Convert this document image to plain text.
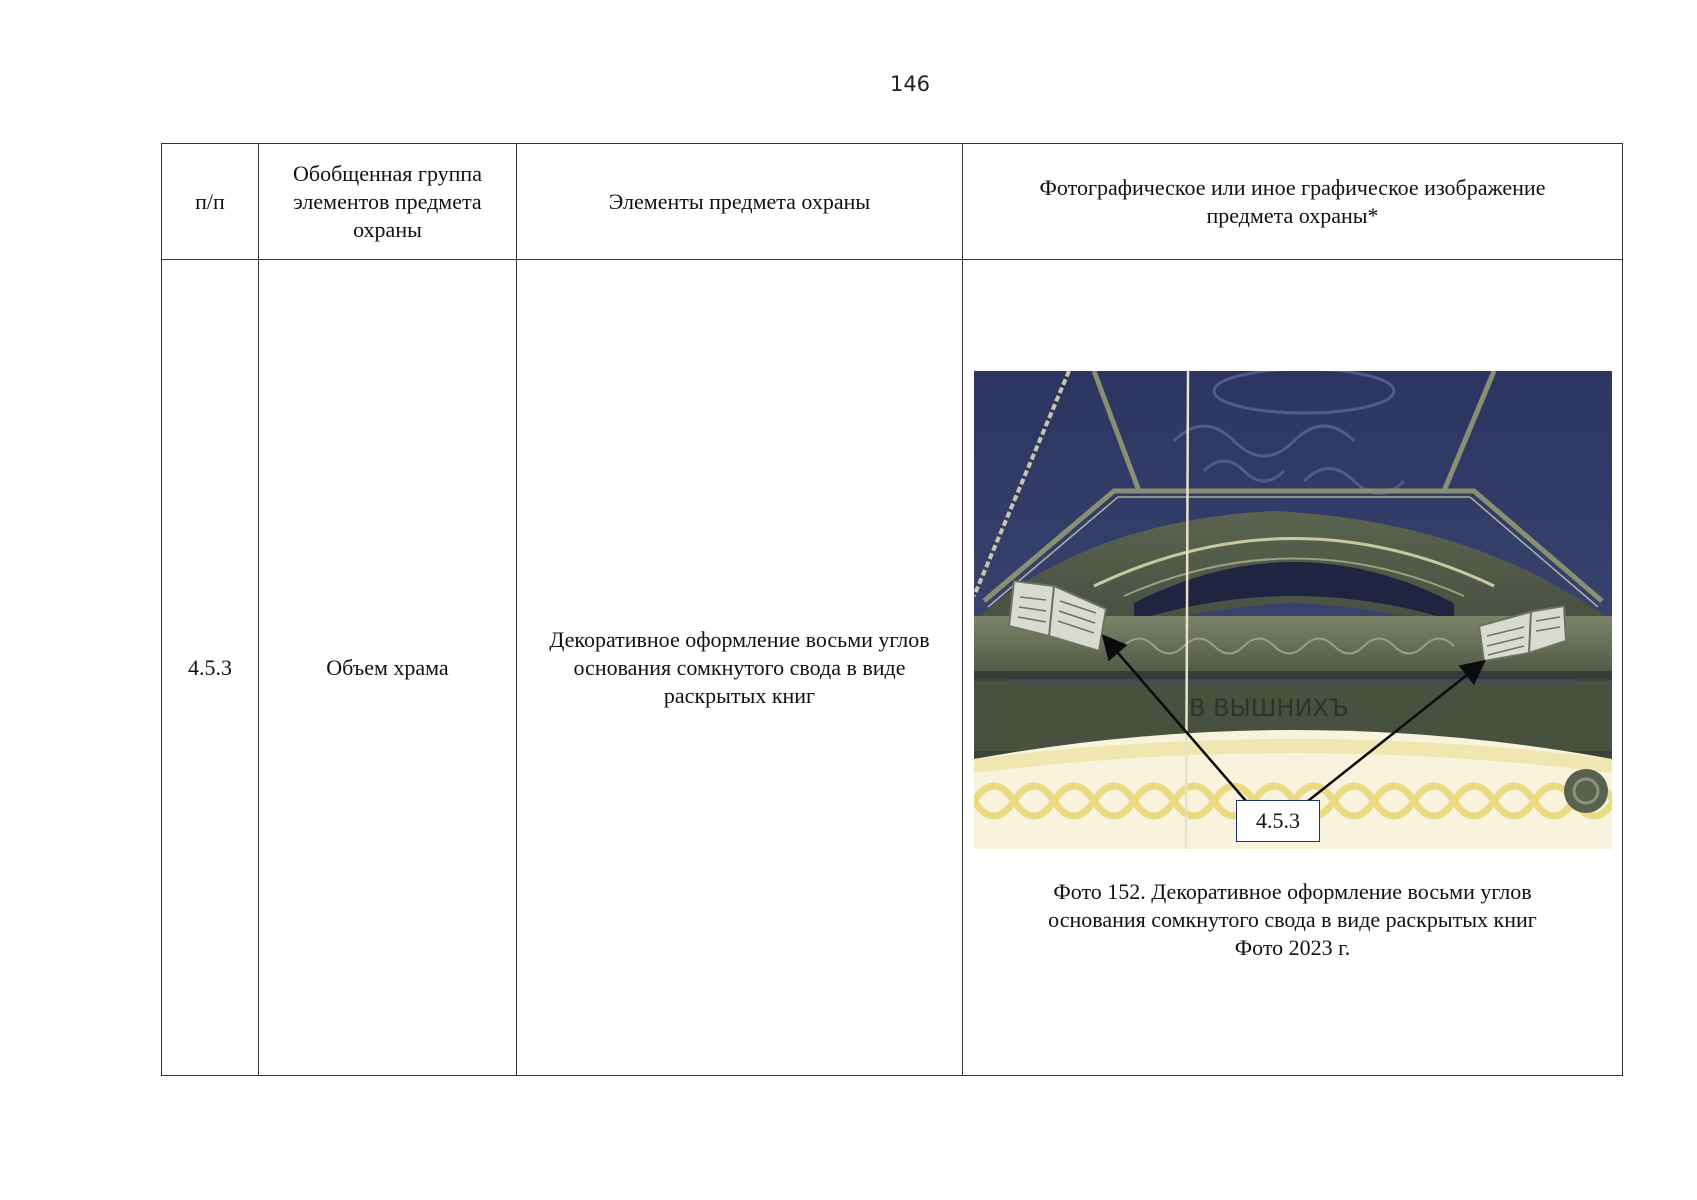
146
п/п	Обобщенная группа элементов предмета охраны	Элементы предмета охраны	Фотографическое или иное графическое изображение предмета охраны*
4.5.3	Объем храма	Декоративное оформление восьми углов основания сомкнутого свода в виде раскрытых книг	В ВЫШНИХЪ
4.5.3
Фото 152. Декоративное оформление восьми углов
основания сомкнутого свода в виде раскрытых книг
Фото 2023 г.
